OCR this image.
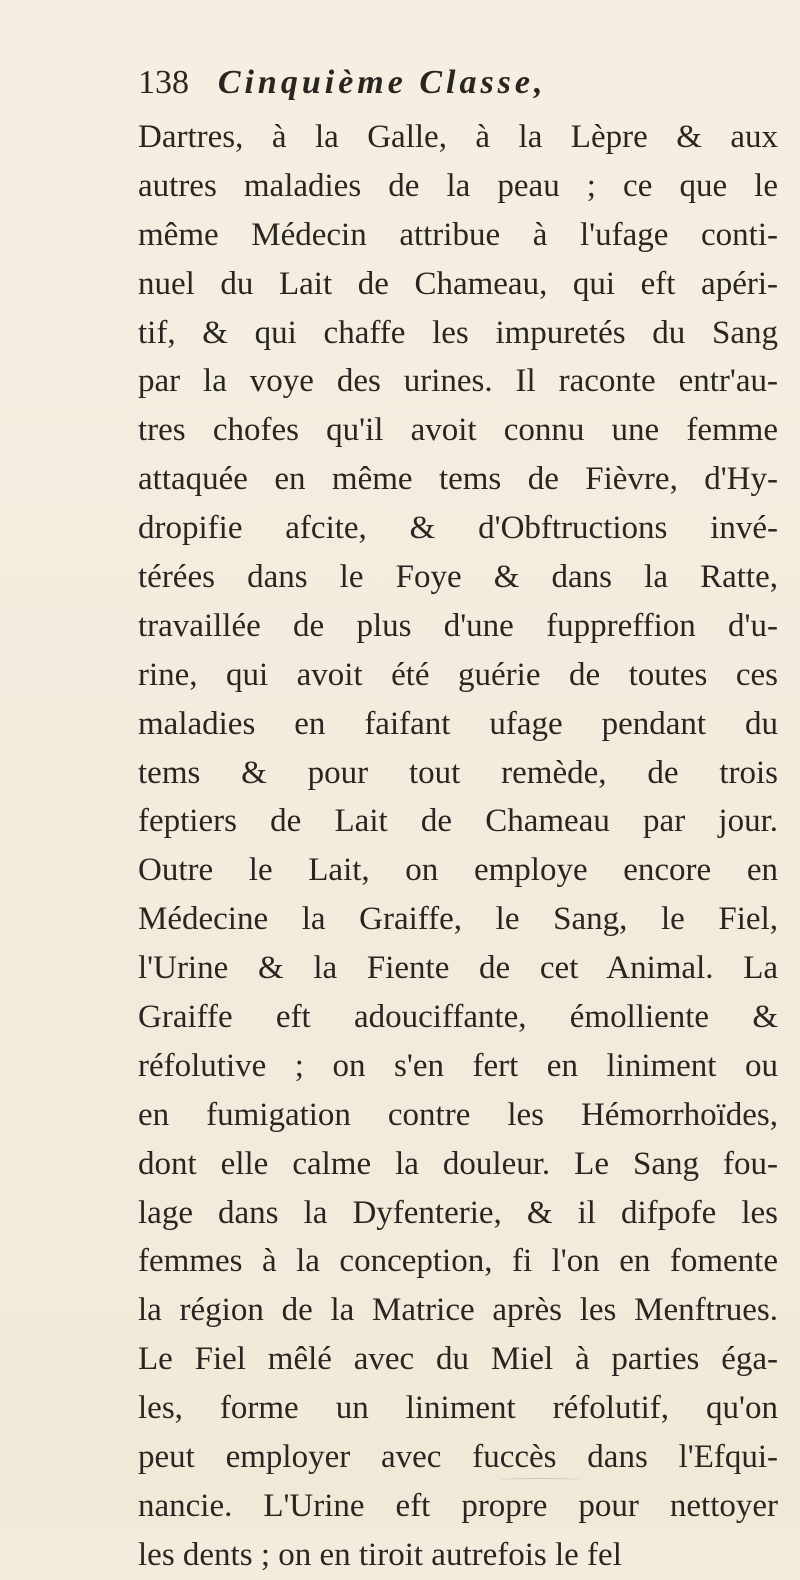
138 Cinquième Classe,
Dartres, à la Galle, à la Lèpre & aux
autres maladies de la peau ; ce que le
même Médecin attribue à l'ufage conti-
nuel du Lait de Chameau, qui eft apéri-
tif, & qui chaffe les impuretés du Sang
par la voye des urines. Il raconte entr'au-
tres chofes qu'il avoit connu une femme
attaquée en même tems de Fièvre, d'Hy-
dropifie afcite, & d'Obftructions invé-
térées dans le Foye & dans la Ratte,
travaillée de plus d'une fuppreffion d'u-
rine, qui avoit été guérie de toutes ces
maladies en faifant ufage pendant du
tems & pour tout remède, de trois
feptiers de Lait de Chameau par jour.
Outre le Lait, on employe encore en
Médecine la Graiffe, le Sang, le Fiel,
l'Urine & la Fiente de cet Animal. La
Graiffe eft adouciffante, émolliente &
réfolutive ; on s'en fert en liniment ou
en fumigation contre les Hémorrhoïdes,
dont elle calme la douleur. Le Sang fou-
lage dans la Dyfenterie, & il difpofe les
femmes à la conception, fi l'on en fomente
la région de la Matrice après les Menftrues.
Le Fiel mêlé avec du Miel à parties éga-
les, forme un liniment réfolutif, qu'on
peut employer avec fuccès dans l'Efqui-
nancie. L'Urine eft propre pour nettoyer
les dents ; on en tiroit autrefois le fel
